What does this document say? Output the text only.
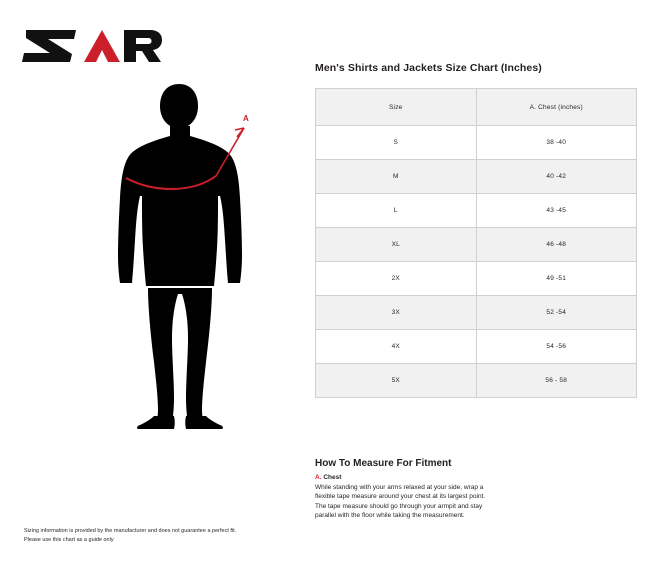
A
Men's Shirts and Jackets Size Chart (Inches)
Size	A. Chest (inches)
S	38 -40
M	40 -42
L	43 -45
XL	46 -48
2X	49 -51
3X	52 -54
4X	54 -56
5X	56 - 58
How To Measure For Fitment
A. Chest
While standing with your arms relaxed at your side, wrap a
flexible tape measure around your chest at its largest point.
The tape measure should go through your armpit and stay
parallel with the floor while taking the measurement.
Sizing information is provided by the manufacturer and does not guarantee a perfect fit.
Please use this chart as a guide only
